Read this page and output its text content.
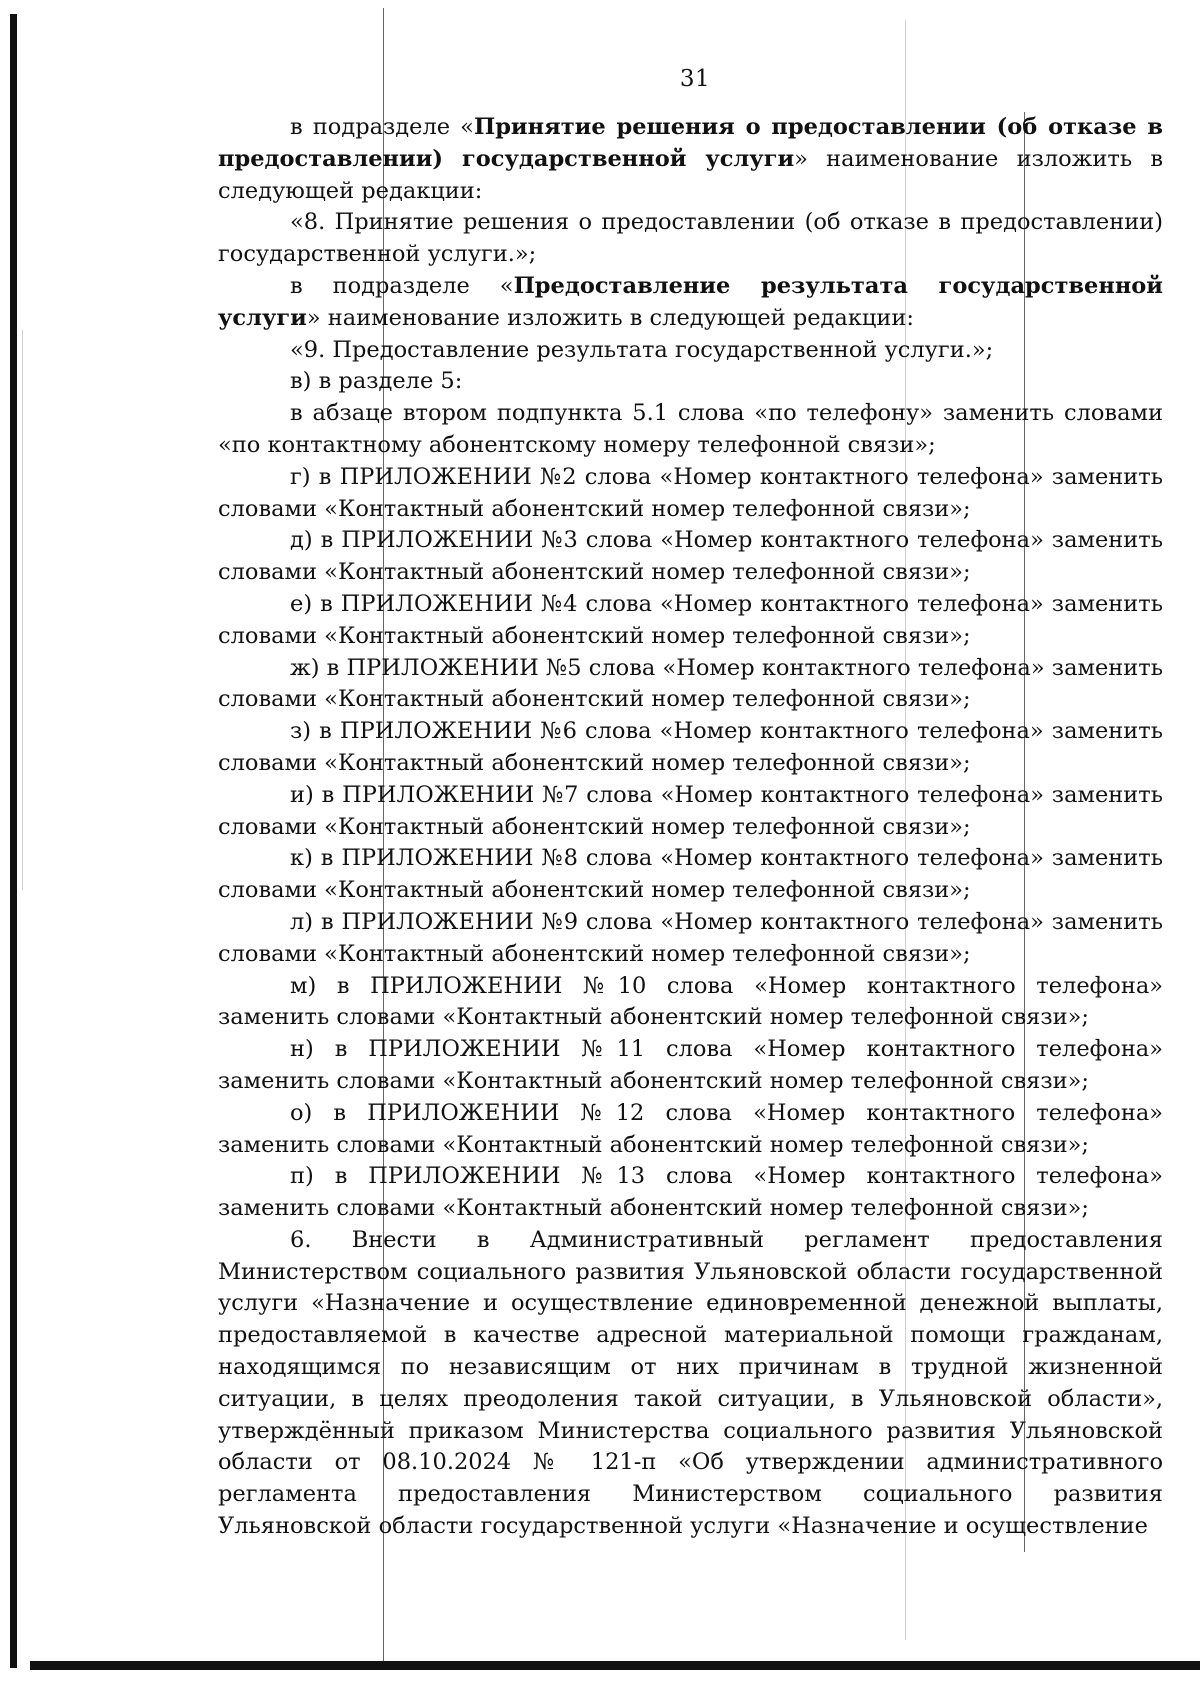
31

в подразделе «Принятие решения о предоставлении (об отказе в предоставлении) государственной услуги» наименование изложить в следующей редакции:

«8. Принятие решения о предоставлении (об отказе в предоставлении) государственной услуги.»;

в подразделе «Предоставление результата государственной услуги» наименование изложить в следующей редакции:

«9. Предоставление результата государственной услуги.»;

в) в разделе 5:

в абзаце втором подпункта 5.1 слова «по телефону» заменить словами «по контактному абонентскому номеру телефонной связи»;

г) в ПРИЛОЖЕНИИ №2 слова «Номер контактного телефона» заменить словами «Контактный абонентский номер телефонной связи»;

д) в ПРИЛОЖЕНИИ №3 слова «Номер контактного телефона» заменить словами «Контактный абонентский номер телефонной связи»;

е) в ПРИЛОЖЕНИИ №4 слова «Номер контактного телефона» заменить словами «Контактный абонентский номер телефонной связи»;

ж) в ПРИЛОЖЕНИИ №5 слова «Номер контактного телефона» заменить словами «Контактный абонентский номер телефонной связи»;

з) в ПРИЛОЖЕНИИ №6 слова «Номер контактного телефона» заменить словами «Контактный абонентский номер телефонной связи»;

и) в ПРИЛОЖЕНИИ №7 слова «Номер контактного телефона» заменить словами «Контактный абонентский номер телефонной связи»;

к) в ПРИЛОЖЕНИИ №8 слова «Номер контактного телефона» заменить словами «Контактный абонентский номер телефонной связи»;

л) в ПРИЛОЖЕНИИ №9 слова «Номер контактного телефона» заменить словами «Контактный абонентский номер телефонной связи»;

м) в ПРИЛОЖЕНИИ №10 слова «Номер контактного телефона» заменить словами «Контактный абонентский номер телефонной связи»;

н) в ПРИЛОЖЕНИИ №11 слова «Номер контактного телефона» заменить словами «Контактный абонентский номер телефонной связи»;

о) в ПРИЛОЖЕНИИ №12 слова «Номер контактного телефона» заменить словами «Контактный абонентский номер телефонной связи»;

п) в ПРИЛОЖЕНИИ №13 слова «Номер контактного телефона» заменить словами «Контактный абонентский номер телефонной связи»;

6. Внести в Административный регламент предоставления Министерством социального развития Ульяновской области государственной услуги «Назначение и осуществление единовременной денежной выплаты, предоставляемой в качестве адресной материальной помощи гражданам, находящимся по независящим от них причинам в трудной жизненной ситуации, в целях преодоления такой ситуации, в Ульяновской области», утверждённый приказом Министерства социального развития Ульяновской области от 08.10.2024 № 121-п «Об утверждении административного регламента предоставления Министерством социального развития Ульяновской области государственной услуги «Назначение и осуществление
